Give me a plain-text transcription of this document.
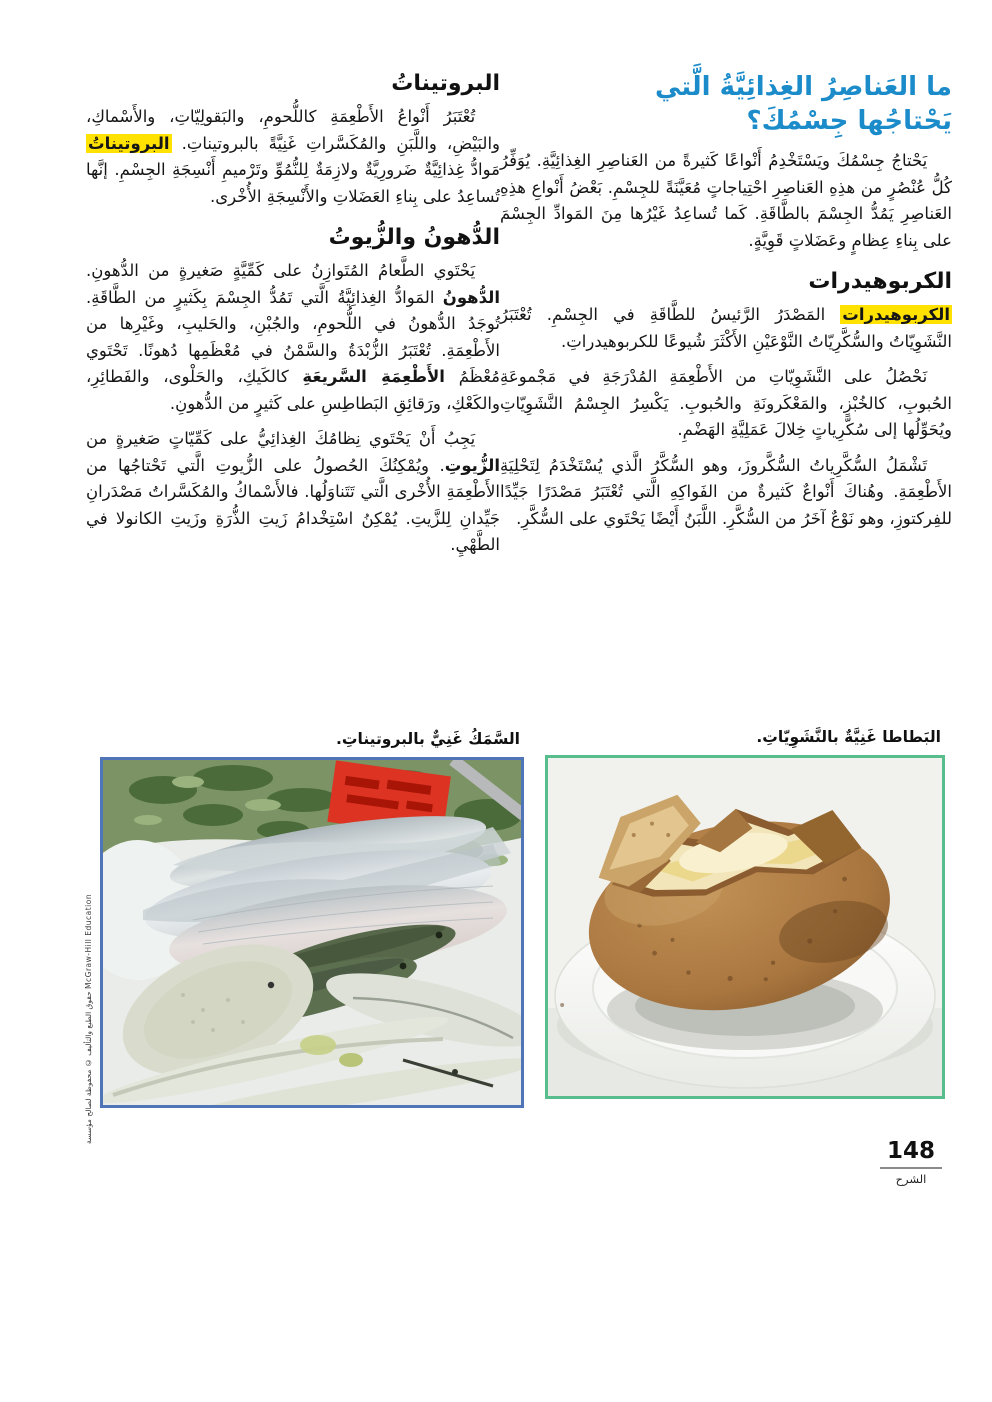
ما العَناصِرُ الغِذائِيَّةُ الَّتي
يَحْتاجُها جِسْمُكَ؟

يَحْتاجُ جِسْمُكَ ويَسْتَخْدِمُ أَنْواعًا كَثيرةً من العَناصِرِ الغِذائِيَّةِ. يُوَفِّرُ كُلُّ عُنْصُرٍ من هذِهِ العَناصِرِ احْتِياجاتٍ مُعَيَّنَةً للجِسْمِ. بَعْضُ أَنْواعِ هذِهِ العَناصِرِ يَمُدُّ الجِسْمَ بالطَّاقَةِ. كَما تُساعِدُ غَيْرُها مِنَ المَوادِّ الجِسْمَ على بِناءِ عِظامٍ وعَضَلاتٍ قَوِيَّةٍ.

الكربوهيدرات

الكربوهيدرات المَصْدَرُ الرَّئيسُ للطَّاقَةِ في الجِسْمِ. تُعْتَبَرُ النَّشَوِيّاتُ والسُّكَّرِيّاتُ النَّوْعَيْنِ الأَكْثَرَ شُيوعًا للكربوهيدراتِ.

نَحْصُلُ على النَّشَوِيّاتِ من الأَطْعِمَةِ المُدْرَجَةِ في مَجْموعَةِ الحُبوبِ، كالخُبْزِ، والمَعْكَرونَةِ والحُبوبِ. يَكْسِرُ الجِسْمُ النَّشَوِيّاتِ ويُحَوِّلُها إلى سُكَّرِياتٍ خِلالَ عَمَلِيَّةِ الهَضْمِ.

تَشْمَلُ السُّكَّرِياتُ السُّكَّروزَ، وهو السُّكَّرُ الَّذي يُسْتَخْدَمُ لِتَحْلِيَةِ الأَطْعِمَةِ. وهُناكَ أَنْواعٌ كَثيرةٌ من الفَواكِهِ الَّتي تُعْتَبَرُ مَصْدَرًا جَيِّدًا للفِركتوزِ، وهو نَوْعٌ آخَرُ من السُّكَّرِ. اللَّبَنُ أَيْضًا يَحْتَوي على السُّكَّرِ.

البروتيناتُ

تُعْتَبَرُ أَنْواعُ الأَطْعِمَةِ كاللُّحومِ، والبَقولِيّاتِ، والأَسْماكِ، والبَيْضِ، واللَّبَنِ والمُكَسَّراتِ غَنِيَّةً بالبروتيناتِ. البروتيناتُ مَوادُّ غِذائِيَّةٌ ضَرورِيَّةٌ ولازِمَةٌ لِلنُّمُوِّ وتَرْميمِ أَنْسِجَةِ الجِسْمِ. إنَّها تُساعِدُ على بِناءِ العَضَلاتِ والأَنْسِجَةِ الأُخْرى.

الدُّهونُ والزُّيوتُ

يَحْتَوي الطَّعامُ المُتَوازِنُ على كَمِّيَّةٍ صَغيرةٍ من الدُّهونِ. الدُّهونُ المَوادُّ الغِذائِيَّةُ الَّتي تَمُدُّ الجِسْمَ بِكَثيرٍ من الطَّاقَةِ. تُوجَدُ الدُّهونُ في اللُّحومِ، والجُبْنِ، والحَليبِ، وغَيْرِها من الأَطْعِمَةِ. تُعْتَبَرُ الزُّبْدَةُ والسَّمْنُ في مُعْظَمِها دُهونًا. تَحْتَوي مُعْظَمُ الأَطْعِمَةِ السَّريعَةِ كالكَيكِ، والحَلْوى، والفَطائِرِ، والكَعْكِ، ورَقائِقِ البَطاطِسِ على كَثيرٍ من الدُّهونِ.

يَجِبُ أَنْ يَحْتَوي نِظامُكَ الغِذائِيُّ على كَمِّيّاتٍ صَغيرةٍ من الزُّيوتِ. ويُمْكِنُكَ الحُصولُ على الزُّيوتِ الَّتي تَحْتاجُها من الأَطْعِمَةِ الأُخْرى الَّتي تَتَناوَلُها. فالأَسْماكُ والمُكَسَّراتُ مَصْدَرانِ جَيِّدانِ لِلزَّيتِ. يُمْكِنُ اسْتِخْدامُ زَيتِ الذُّرَةِ وزَيتِ الكانولا في الطَّهْيِ.

السَّمَكُ غَنِيٌّ بالبروتيناتِ.
حقوق الطبع والتأليف © محفوظة لصالح مؤسسة McGraw-Hill Education
البَطاطا غَنِيَّةٌ بالنَّشَوِيّاتِ.
148
الشرح
